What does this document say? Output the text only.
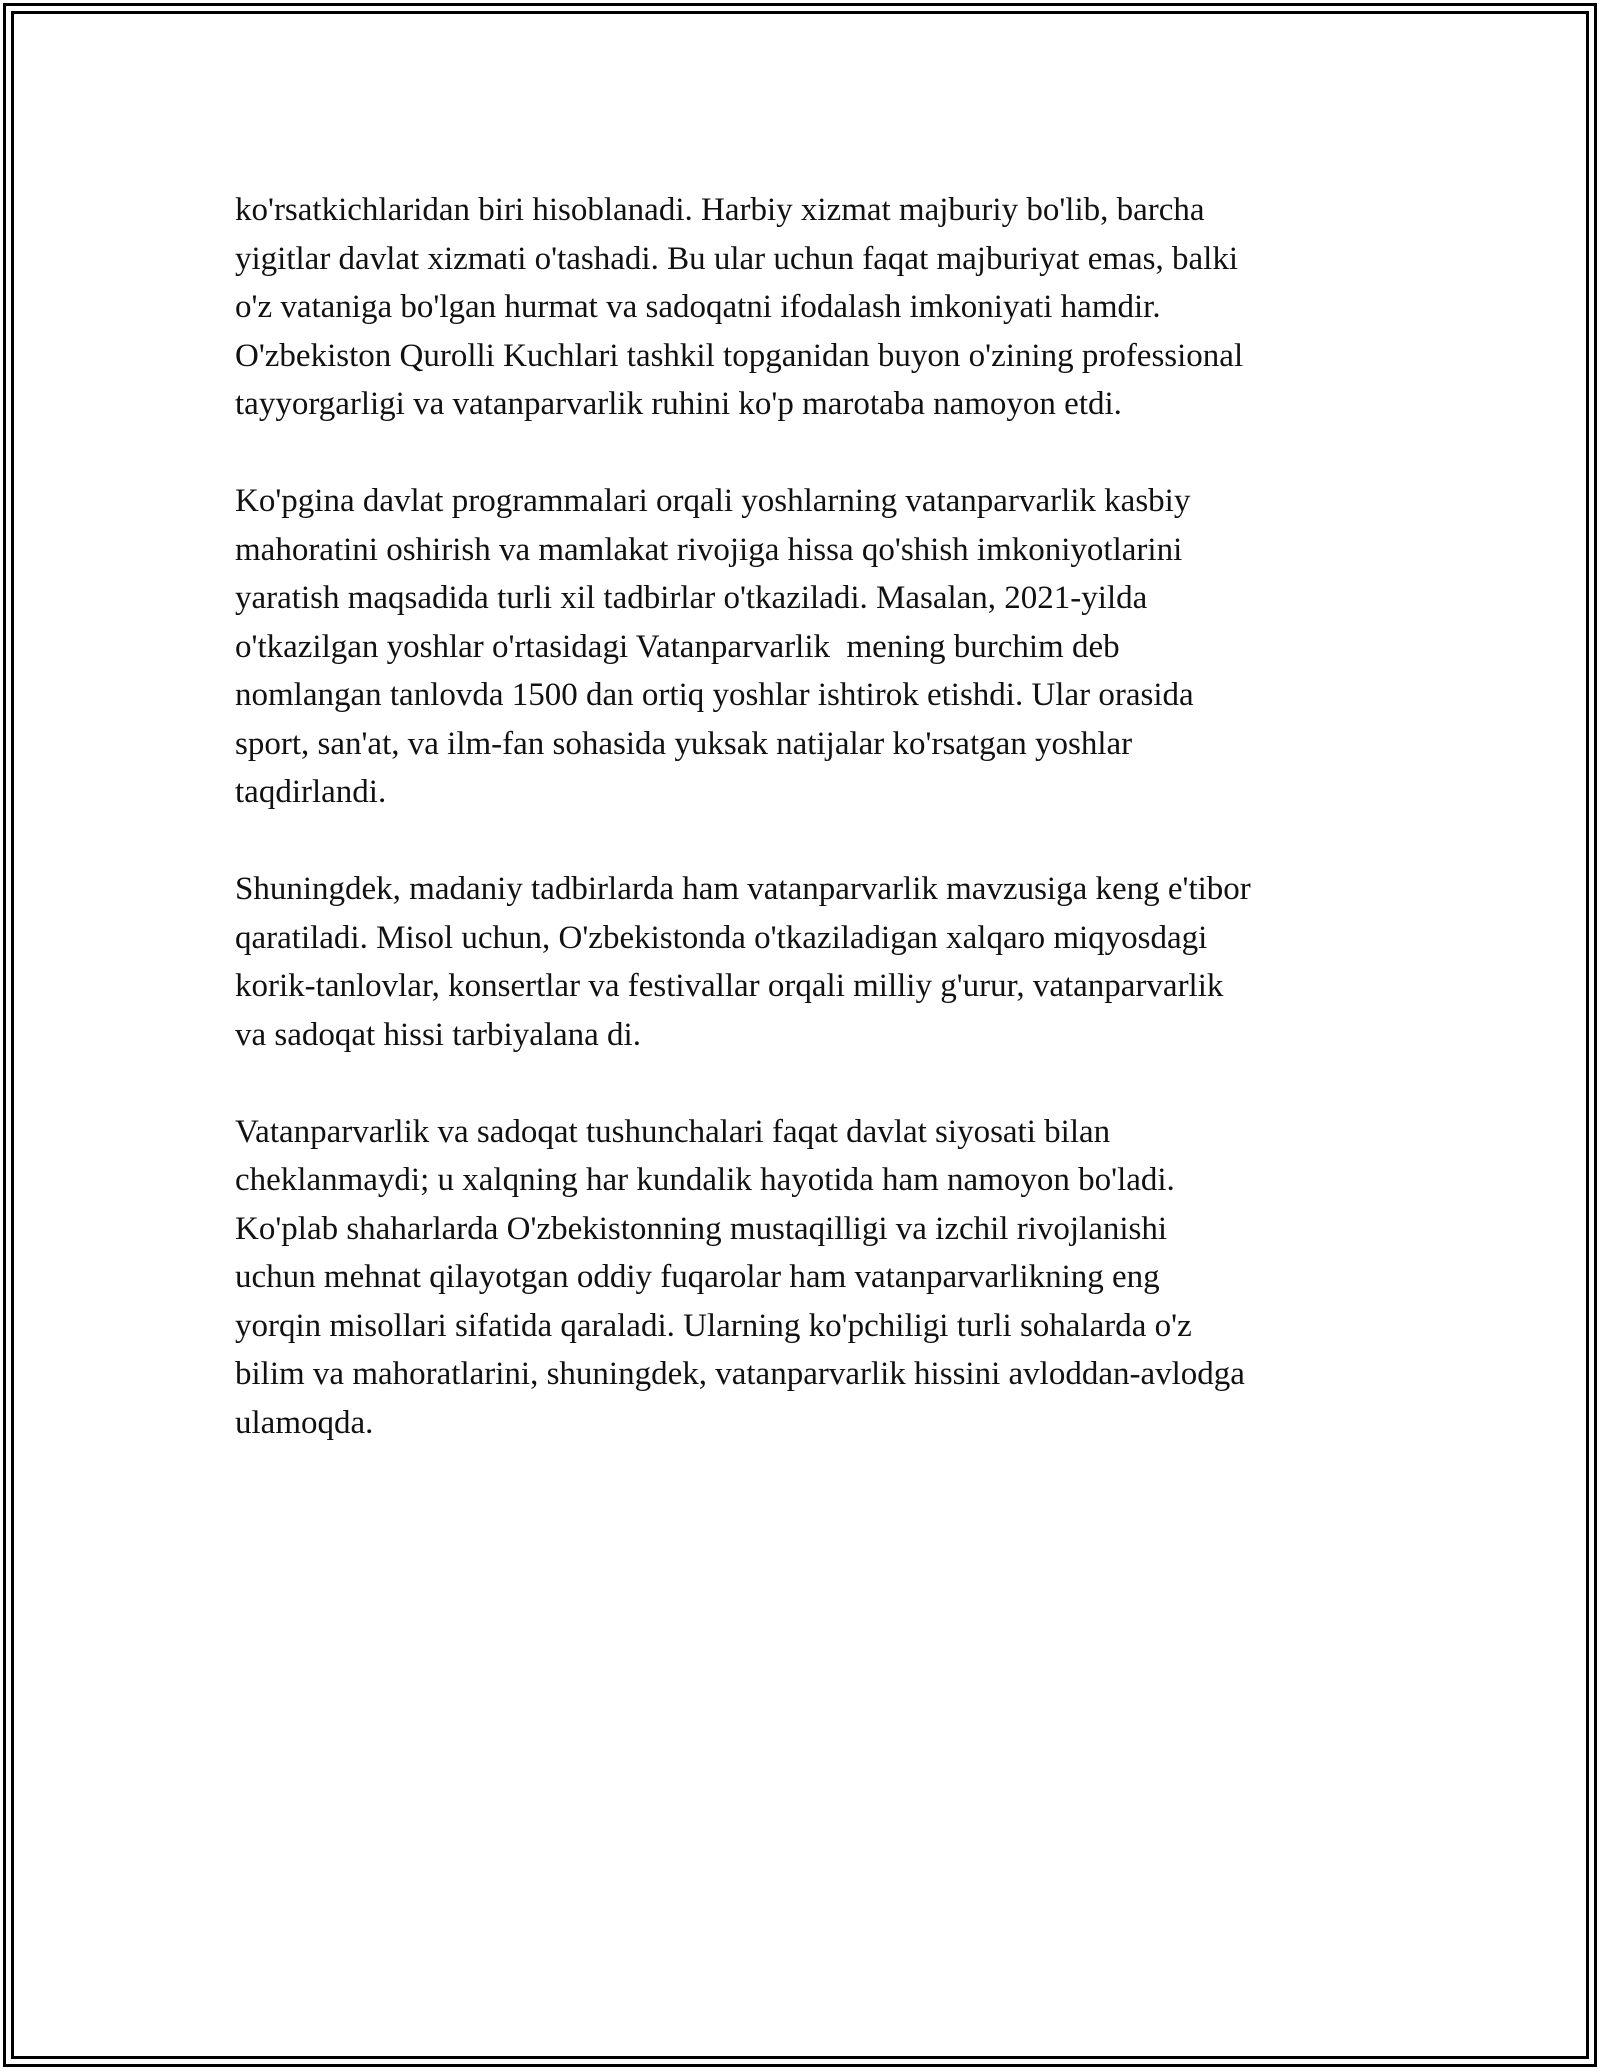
ko'rsatkichlaridan biri hisoblanadi. Harbiy xizmat majburiy bo'lib, barcha
yigitlar davlat xizmati o'tashadi. Bu ular uchun faqat majburiyat emas, balki
o'z vataniga bo'lgan hurmat va sadoqatni ifodalash imkoniyati hamdir.
O'zbekiston Qurolli Kuchlari tashkil topganidan buyon o'zining professional
tayyorgarligi va vatanparvarlik ruhini ko'p marotaba namoyon etdi.

Ko'pgina davlat programmalari orqali yoshlarning vatanparvarlik kasbiy
mahoratini oshirish va mamlakat rivojiga hissa qo'shish imkoniyotlarini
yaratish maqsadida turli xil tadbirlar o'tkaziladi. Masalan, 2021-yilda
o'tkazilgan yoshlar o'rtasidagi Vatanparvarlik  mening burchim deb
nomlangan tanlovda 1500 dan ortiq yoshlar ishtirok etishdi. Ular orasida
sport, san'at, va ilm-fan sohasida yuksak natijalar ko'rsatgan yoshlar
taqdirlandi.

Shuningdek, madaniy tadbirlarda ham vatanparvarlik mavzusiga keng e'tibor
qaratiladi. Misol uchun, O'zbekistonda o'tkaziladigan xalqaro miqyosdagi
korik-tanlovlar, konsertlar va festivallar orqali milliy g'urur, vatanparvarlik
va sadoqat hissi tarbiyalana di.

Vatanparvarlik va sadoqat tushunchalari faqat davlat siyosati bilan
cheklanmaydi; u xalqning har kundalik hayotida ham namoyon bo'ladi.
Ko'plab shaharlarda O'zbekistonning mustaqilligi va izchil rivojlanishi
uchun mehnat qilayotgan oddiy fuqarolar ham vatanparvarlikning eng
yorqin misollari sifatida qaraladi. Ularning ko'pchiligi turli sohalarda o'z
bilim va mahoratlarini, shuningdek, vatanparvarlik hissini avloddan-avlodga
ulamoqda.
